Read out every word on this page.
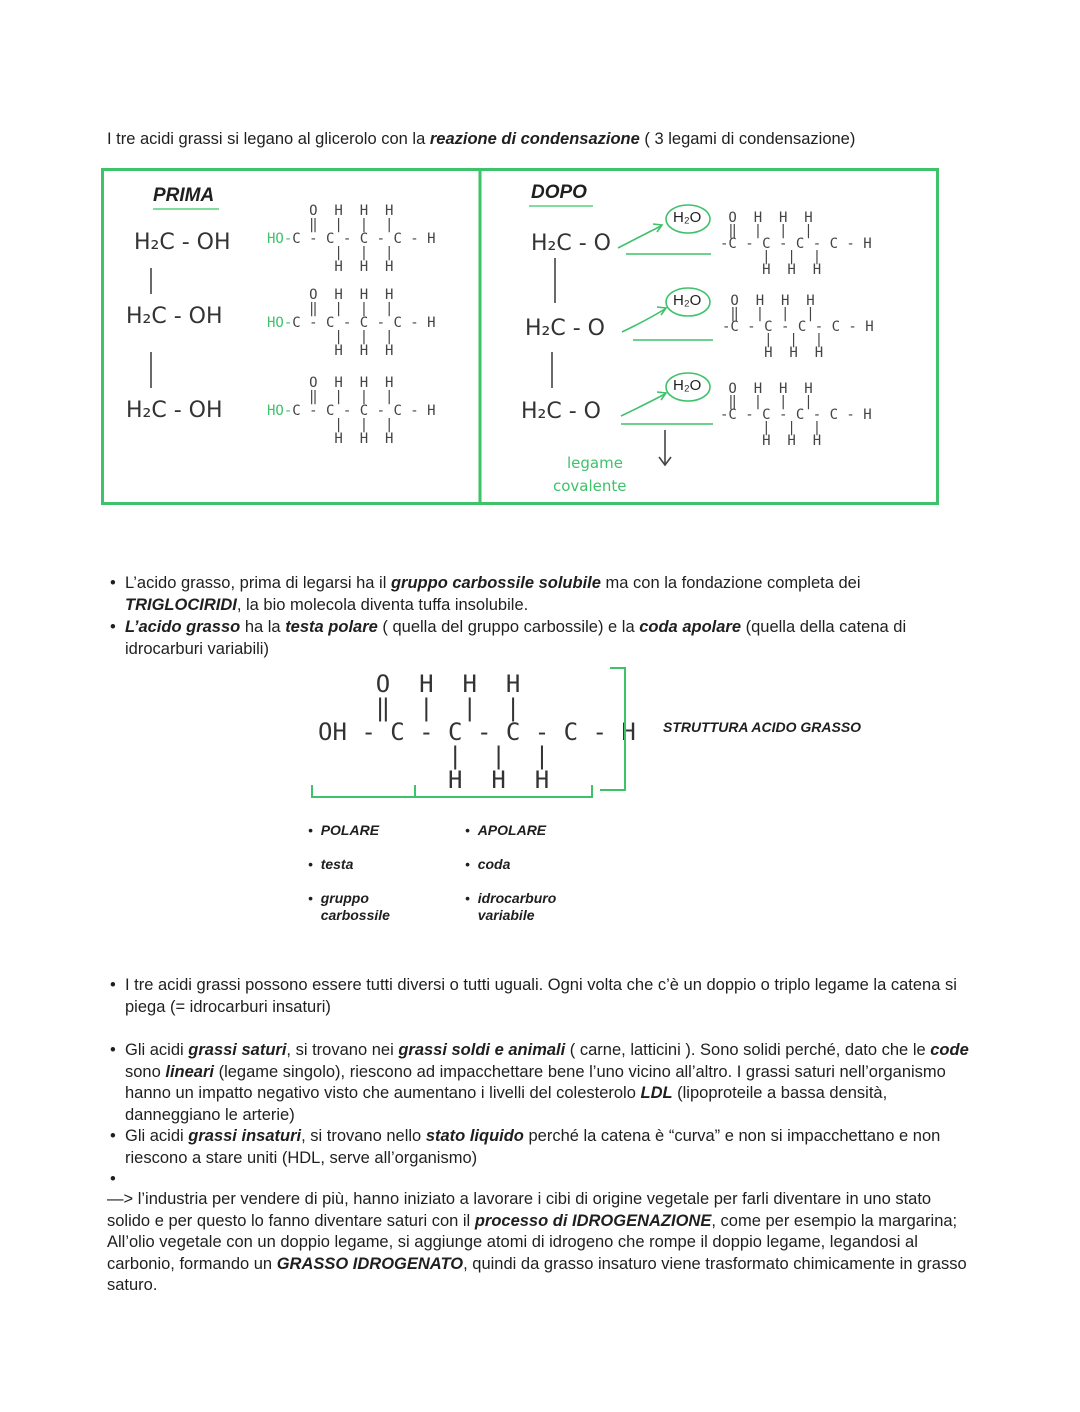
I tre acidi grassi si legano al glicerolo con la reazione di condensazione ( 3 legami di condensazione)
PRIMA	DOPO
H₂C - OH
H₂C - OH
H₂C - OH
H₂C - O
H₂C - O
H₂C - O
O  H  H  H
‖  |  |  |
HO-C - C - C - C - H
|  |  |
H  H  H
O  H  H  H
‖  |  |  |
HO-C - C - C - C - H
|  |  |
H  H  H
O  H  H  H
‖  |  |  |
HO-C - C - C - C - H
|  |  |
H  H  H
H₂O
H₂O
H₂O
O  H  H  H
‖  |  |  |
-C - C - C - C - H
|  |  |
H  H  H
O  H  H  H
‖  |  |  |
-C - C - C - C - H
|  |  |
H  H  H
O  H  H  H
‖  |  |  |
-C - C - C - C - H
|  |  |
H  H  H
legame
covalente
• L’acido grasso, prima di legarsi ha il gruppo carbossile solubile ma con la fondazione completa dei TRIGLOCIRIDI, la bio molecola diventa tuffa insolubile.
• L’acido grasso ha la testa polare ( quella del gruppo carbossile) e la coda apolare (quella della catena di idrocarburi variabili)
O  H  H  H
‖  |  |  |
OH - C - C - C - C - H
|  |  |
H  H  H
STRUTTURA ACIDO GRASSO
•  POLARE
•  testa
• gruppo carbossile
•  APOLARE
•  coda
• idrocarburo variabile
• I tre acidi grassi possono essere tutti diversi o tutti uguali. Ogni volta che c’è un doppio o triplo legame la catena si piega (= idrocarburi insaturi)
• Gli acidi grassi saturi, si trovano nei grassi soldi e animali ( carne, latticini ). Sono solidi perché, dato che le code sono lineari (legame singolo), riescono ad impacchettare bene l’uno vicino all’altro. I grassi saturi nell’organismo hanno un impatto negativo visto che aumentano i livelli del colesterolo LDL (lipoproteile a bassa densità, danneggiano le arterie)
• Gli acidi grassi insaturi, si trovano nello stato liquido perché la catena è “curva” e non si impacchettano e non riescono a stare uniti (HDL, serve all’organismo)
•
—> l’industria per vendere di più, hanno iniziato a lavorare i cibi di origine vegetale per farli diventare in uno stato solido e per questo lo fanno diventare saturi con il processo di IDROGENAZIONE, come per esempio la margarina; All’olio vegetale con un doppio legame, si aggiunge atomi di idrogeno che rompe il doppio legame, legandosi al carbonio, formando un GRASSO IDROGENATO, quindi da grasso insaturo viene trasformato chimicamente in grasso saturo.
